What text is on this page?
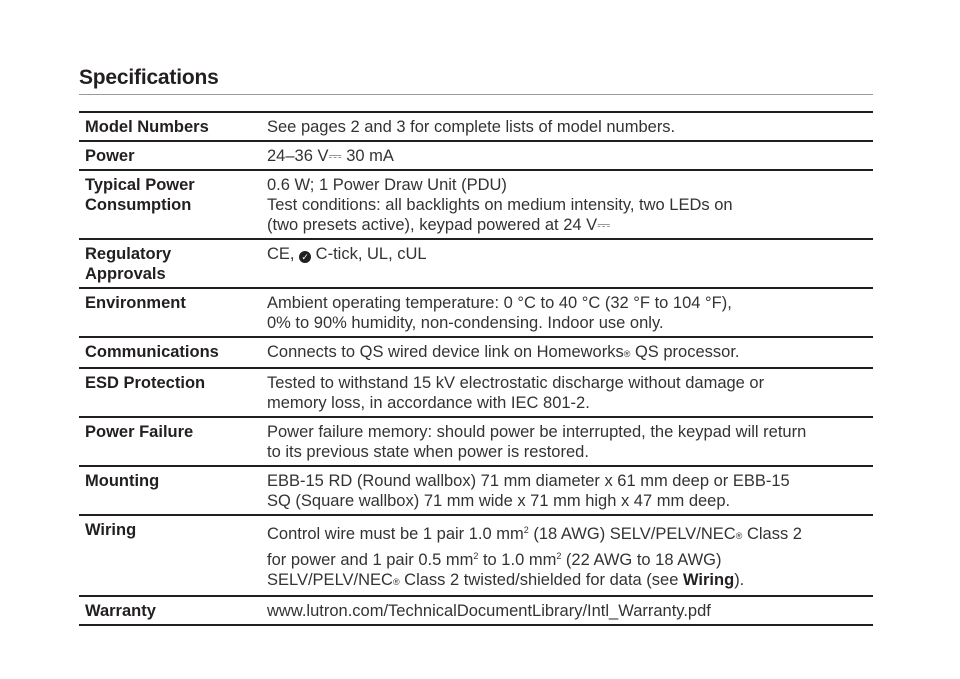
Specifications
Model Numbers	See pages 2 and 3 for complete lists of model numbers.

Power	24–36 V⎓ 30 mA

Typical Power
Consumption	0.6 W; 1 Power Draw Unit (PDU)
Test conditions: all backlights on medium intensity, two LEDs on
(two presets active), keypad powered at 24 V⎓

Regulatory
Approvals	CE, ✓ C-tick, UL, cUL

Environment	Ambient operating temperature: 0 °C to 40 °C (32 °F to 104 °F),
0% to 90% humidity, non-condensing. Indoor use only.

Communications	Connects to QS wired device link on Homeworks® QS processor.

ESD Protection	Tested to withstand 15 kV electrostatic discharge without damage or
memory loss, in accordance with IEC 801-2.

Power Failure	Power failure memory: should power be interrupted, the keypad will return
to its previous state when power is restored.

Mounting	EBB-15 RD (Round wallbox) 71 mm diameter x 61 mm deep or EBB-15
SQ (Square wallbox) 71 mm wide x 71 mm high x 47 mm deep.

Wiring	Control wire must be 1 pair 1.0 $mm^2$ (18 AWG) SELV/PELV/NEC® Class 2
for power and 1 pair 0.5 $mm^2$ to 1.0 $mm^2$ (22 AWG to 18 AWG)
SELV/PELV/NEC® Class 2 twisted/shielded for data (see Wiring).

Warranty	www.lutron.com/TechnicalDocumentLibrary/Intl_Warranty.pdf
